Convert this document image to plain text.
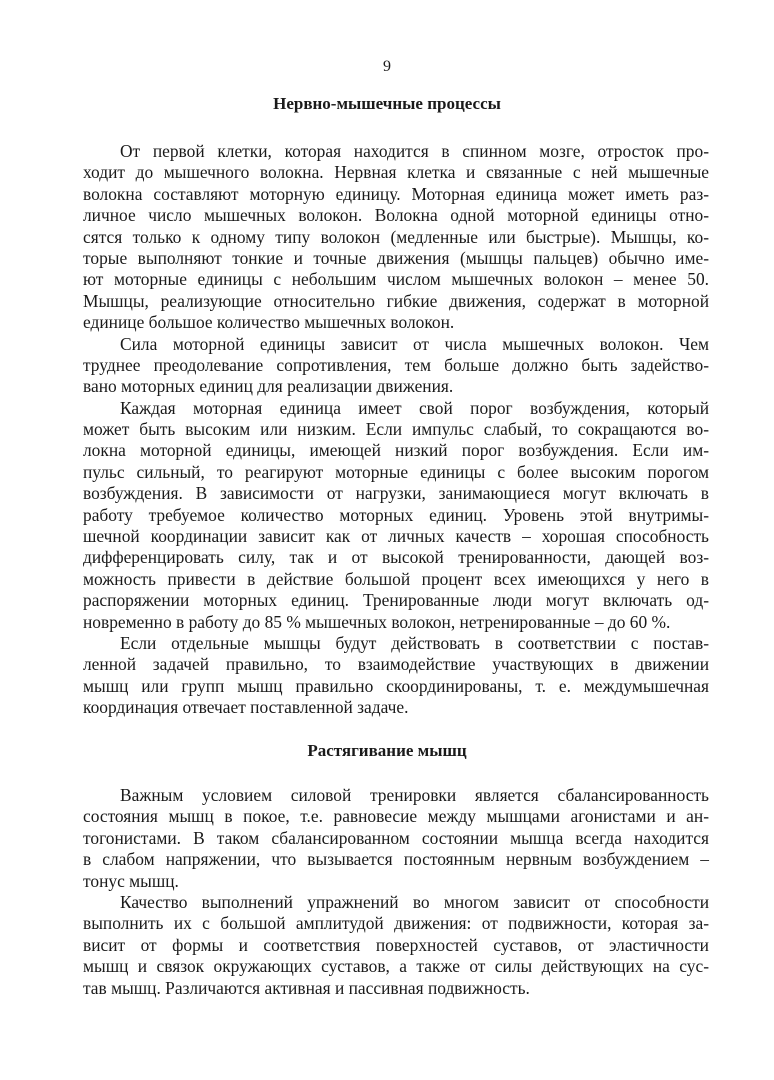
9
Нервно-мышечные процессы
От первой клетки, которая находится в спинном мозге, отросток про-
ходит до мышечного волокна. Нервная клетка и связанные с ней мышечные
волокна составляют моторную единицу. Моторная единица может иметь раз-
личное число мышечных волокон. Волокна одной моторной единицы отно-
сятся только к одному типу волокон (медленные или быстрые). Мышцы, ко-
торые выполняют тонкие и точные движения (мышцы пальцев) обычно име-
ют моторные единицы с небольшим числом мышечных волокон – менее 50.
Мышцы, реализующие относительно гибкие движения, содержат в моторной
единице большое количество мышечных волокон.
Сила моторной единицы зависит от числа мышечных волокон. Чем
труднее преодолевание сопротивления, тем больше должно быть задейство-
вано моторных единиц для реализации движения.
Каждая моторная единица имеет свой порог возбуждения, который
может быть высоким или низким. Если импульс слабый, то сокращаются во-
локна моторной единицы, имеющей низкий порог возбуждения. Если им-
пульс сильный, то реагируют моторные единицы с более высоким порогом
возбуждения. В зависимости от нагрузки, занимающиеся могут включать в
работу требуемое количество моторных единиц. Уровень этой внутримы-
шечной координации зависит как от личных качеств – хорошая способность
дифференцировать силу, так и от высокой тренированности, дающей воз-
можность привести в действие большой процент всех имеющихся у него в
распоряжении моторных единиц. Тренированные люди могут включать од-
новременно в работу до 85 % мышечных волокон, нетренированные – до 60 %.
Если отдельные мышцы будут действовать в соответствии с постав-
ленной задачей правильно, то взаимодействие участвующих в движении
мышц или групп мышц правильно скоординированы, т. е. междумышечная
координация отвечает поставленной задаче.
Растягивание мышц
Важным условием силовой тренировки является сбалансированность
состояния мышц в покое, т.е. равновесие между мышцами агонистами и ан-
тогонистами. В таком сбалансированном состоянии мышца всегда находится
в слабом напряжении, что вызывается постоянным нервным возбуждением –
тонус мышц.
Качество выполнений упражнений во многом зависит от способности
выполнить их с большой амплитудой движения: от подвижности, которая за-
висит от формы и соответствия поверхностей суставов, от эластичности
мышц и связок окружающих суставов, а также от силы действующих на сус-
тав мышц. Различаются активная и пассивная подвижность.
